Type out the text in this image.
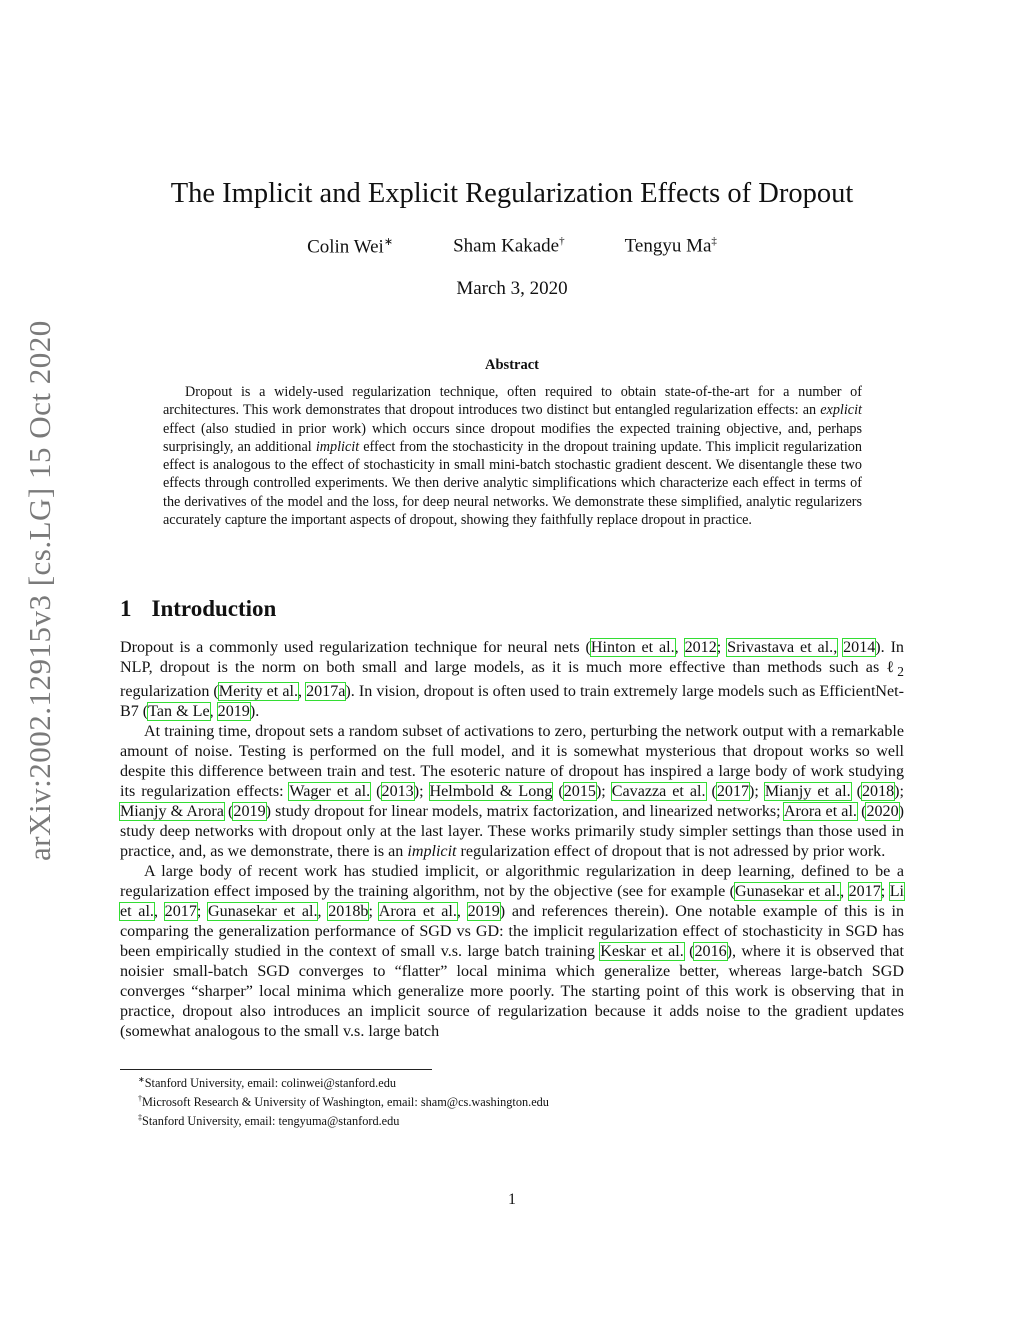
arXiv:2002.12915v3 [cs.LG] 15 Oct 2020
The Implicit and Explicit Regularization Effects of Dropout
Colin Wei∗	Sham Kakade†	Tengyu Ma‡
March 3, 2020
Abstract

Dropout is a widely-used regularization technique, often required to obtain state-of-the-art for a number of architectures. This work demonstrates that dropout introduces two distinct but entangled regularization effects: an explicit effect (also studied in prior work) which occurs since dropout modifies the expected training objective, and, perhaps surprisingly, an additional implicit effect from the stochasticity in the dropout training update. This implicit regularization effect is analogous to the effect of stochasticity in small mini-batch stochastic gradient descent. We disentangle these two effects through controlled experiments. We then derive analytic simplifications which characterize each effect in terms of the derivatives of the model and the loss, for deep neural networks. We demonstrate these simplified, analytic regularizers accurately capture the important aspects of dropout, showing they faithfully replace dropout in practice.

1 Introduction

Dropout is a commonly used regularization technique for neural nets (Hinton et al., 2012; Srivastava et al., 2014). In NLP, dropout is the norm on both small and large models, as it is much more effective than methods such as ℓ$_2$ regularization (Merity et al., 2017a). In vision, dropout is often used to train extremely large models such as EfficientNet-B7 (Tan & Le, 2019).

At training time, dropout sets a random subset of activations to zero, perturbing the network output with a remarkable amount of noise. Testing is performed on the full model, and it is somewhat mysterious that dropout works so well despite this difference between train and test. The esoteric nature of dropout has inspired a large body of work studying its regularization effects: Wager et al. (2013); Helmbold & Long (2015); Cavazza et al. (2017); Mianjy et al. (2018); Mianjy & Arora (2019) study dropout for linear models, matrix factorization, and linearized networks; Arora et al. (2020) study deep networks with dropout only at the last layer. These works primarily study simpler settings than those used in practice, and, as we demonstrate, there is an implicit regularization effect of dropout that is not adressed by prior work.

A large body of recent work has studied implicit, or algorithmic regularization in deep learning, defined to be a regularization effect imposed by the training algorithm, not by the objective (see for example (Gunasekar et al., 2017; Li et al., 2017; Gunasekar et al., 2018b; Arora et al., 2019) and references therein). One notable example of this is in comparing the generalization performance of SGD vs GD: the implicit regularization effect of stochasticity in SGD has been empirically studied in the context of small v.s. large batch training Keskar et al. (2016), where it is observed that noisier small-batch SGD converges to “flatter” local minima which generalize better, whereas large-batch SGD converges “sharper” local minima which generalize more poorly. The starting point of this work is observing that in practice, dropout also introduces an implicit source of regularization because it adds noise to the gradient updates (somewhat analogous to the small v.s. large batch

∗Stanford University, email: colinwei@stanford.edu
†Microsoft Research & University of Washington, email: sham@cs.washington.edu
‡Stanford University, email: tengyuma@stanford.edu
1
